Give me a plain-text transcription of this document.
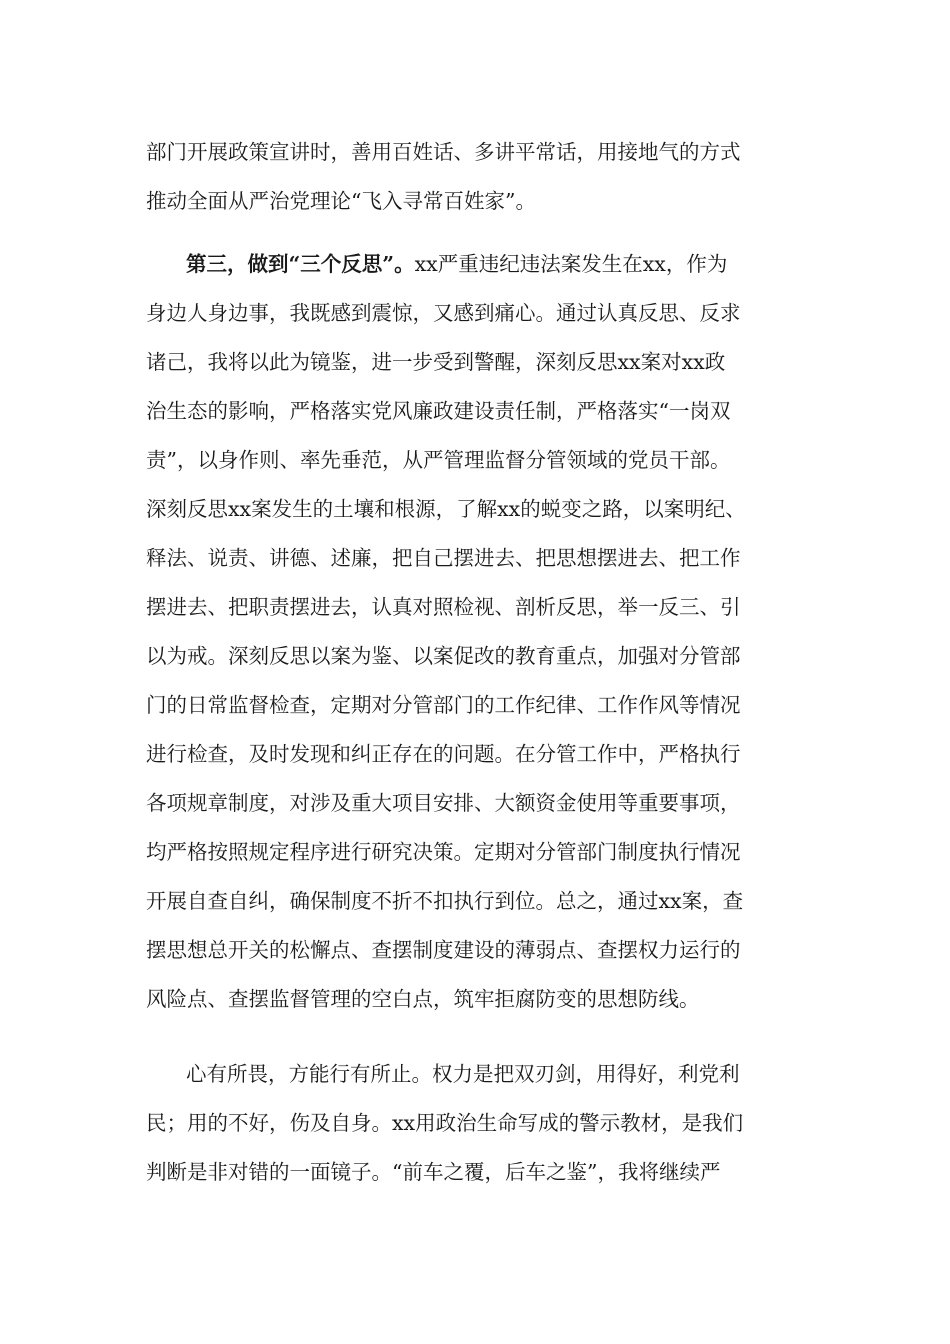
部门开展政策宣讲时，善用百姓话、多讲平常话，用接地气的方式
推动全面从严治党理论“飞入寻常百姓家”。
第三，做到“三个反思”。xx严重违纪违法案发生在xx，作为
身边人身边事，我既感到震惊，又感到痛心。通过认真反思、反求
诸己，我将以此为镜鉴，进一步受到警醒，深刻反思xx案对xx政
治生态的影响，严格落实党风廉政建设责任制，严格落实“一岗双
责”，以身作则、率先垂范，从严管理监督分管领域的党员干部。
深刻反思xx案发生的土壤和根源，了解xx的蜕变之路，以案明纪、
释法、说责、讲德、述廉，把自己摆进去、把思想摆进去、把工作
摆进去、把职责摆进去，认真对照检视、剖析反思，举一反三、引
以为戒。深刻反思以案为鉴、以案促改的教育重点，加强对分管部
门的日常监督检查，定期对分管部门的工作纪律、工作作风等情况
进行检查，及时发现和纠正存在的问题。在分管工作中，严格执行
各项规章制度，对涉及重大项目安排、大额资金使用等重要事项，
均严格按照规定程序进行研究决策。定期对分管部门制度执行情况
开展自查自纠，确保制度不折不扣执行到位。总之，通过xx案，查
摆思想总开关的松懈点、查摆制度建设的薄弱点、查摆权力运行的
风险点、查摆监督管理的空白点，筑牢拒腐防变的思想防线。
心有所畏，方能行有所止。权力是把双刃剑，用得好，利党利
民；用的不好，伤及自身。xx用政治生命写成的警示教材，是我们
判断是非对错的一面镜子。“前车之覆，后车之鉴”，我将继续严
